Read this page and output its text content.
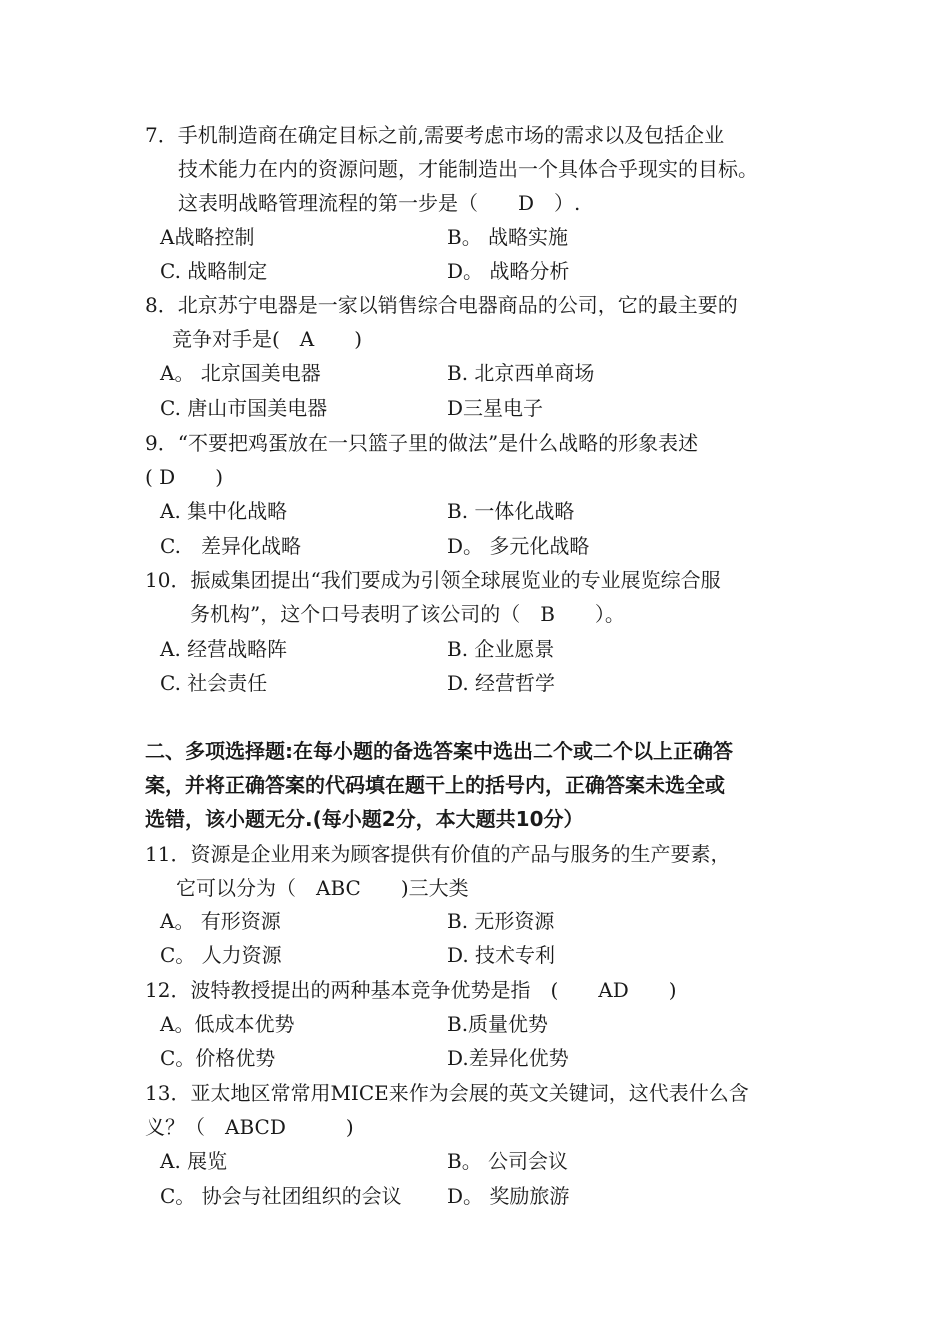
7．手机制造商在确定目标之前,需要考虑市场的需求以及包括企业
技术能力在内的资源问题，才能制造出一个具体合乎现实的目标。
这表明战略管理流程的第一步是（　　D　）.
A战略控制	B。 战略实施
C. 战略制定	D。 战略分析
8．北京苏宁电器是一家以销售综合电器商品的公司，它的最主要的
竞争对手是(　A　　)
A。 北京国美电器	B. 北京西单商场
C. 唐山市国美电器	D三星电子
9．“不要把鸡蛋放在一只篮子里的做法”是什么战略的形象表述
( D　　)
A. 集中化战略	B. 一体化战略
C.　差异化战略	D。 多元化战略
10．振威集团提出“我们要成为引领全球展览业的专业展览综合服
务机构”，这个口号表明了该公司的（　B　　）。
A. 经营战略阵	B. 企业愿景
C. 社会责任	D. 经营哲学
二、多项选择题:在每小题的备选答案中选出二个或二个以上正确答
案，并将正确答案的代码填在题干上的括号内，正确答案未选全或
选错，该小题无分.(每小题2分，本大题共10分）
11．资源是企业用来为顾客提供有价值的产品与服务的生产要素，
它可以分为（　ABC　　)三大类
A。 有形资源	B. 无形资源
C。 人力资源	D. 技术专利
12．波特教授提出的两种基本竞争优势是指　(　　AD　　)
A。低成本优势	B.质量优势
C。价格优势	D.差异化优势
13．亚太地区常常用MICE来作为会展的英文关键词，这代表什么含
义？（　ABCD　　　)
A. 展览	B。 公司会议
C。 协会与社团组织的会议 D。 奖励旅游
